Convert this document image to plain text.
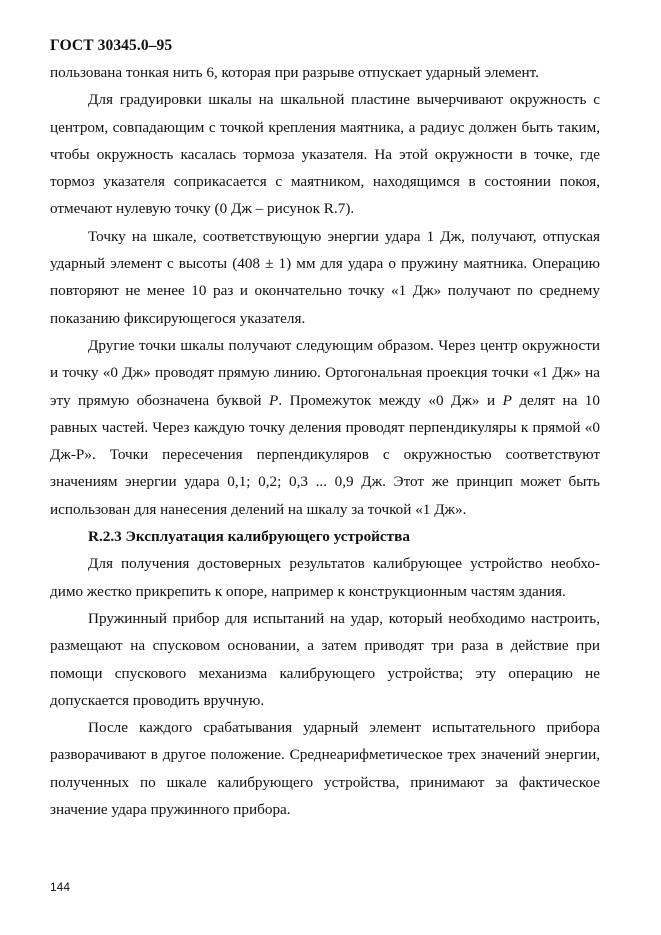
ГОСТ 30345.0–95

пользована тонкая нить 6, которая при разрыве отпускает ударный элемент.

Для градуировки шкалы на шкальной пластине вычерчивают окружность с центром, совпадающим с точкой крепления маятника, а радиус должен быть таким, чтобы окружность касалась тормоза указателя. На этой окружности в точке, где тормоз указателя соприкасается с маятником, находящимся в состоянии покоя, отмечают нулевую точку (0 Дж – рисунок R.7).

Точку на шкале, соответствующую энергии удара 1 Дж, получают, отпуская ударный элемент с высоты (408 ± 1) мм для удара о пружину маятника. Операцию повторяют не менее 10 раз и окончательно точку «1 Дж» получают по среднему показанию фиксирующегося указателя.

Другие точки шкалы получают следующим образом. Через центр окружности и точку «0 Дж» проводят прямую линию. Ортогональная проекция точки «1 Дж» на эту прямую обозначена буквой P. Промежуток между «0 Дж» и P делят на 10 равных частей. Через каждую точку деления проводят перпендикуляры к прямой «0 Дж-P». Точки пересечения перпендикуляров с окружностью соответствуют значениям энергии удара 0,1; 0,2; 0,3 ... 0,9 Дж. Этот же принцип может быть использован для нанесения делений на шкалу за точкой «1 Дж».

R.2.3 Эксплуатация калибрующего устройства

Для получения достоверных результатов калибрующее устройство необходимо жестко прикрепить к опоре, например к конструкционным частям здания.

Пружинный прибор для испытаний на удар, который необходимо настроить, размещают на спусковом основании, а затем приводят три раза в действие при помощи спускового механизма калибрующего устройства; эту операцию не допускается проводить вручную.

После каждого срабатывания ударный элемент испытательного прибора разворачивают в другое положение. Среднеарифметическое трех значений энергии, полученных по шкале калибрующего устройства, принимают за фактическое значение удара пружинного прибора.

144
